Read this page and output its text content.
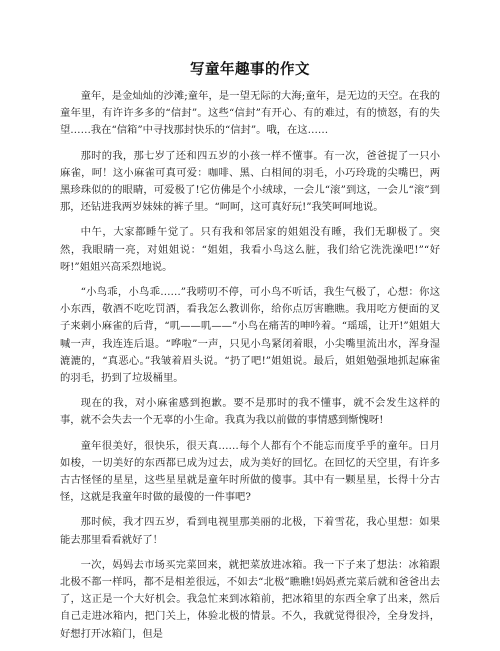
写童年趣事的作文

童年，是金灿灿的沙滩;童年，是一望无际的大海;童年，是无边的天空。在我的童年里，有许许多多的“信封”。这些“信封”有开心、有的难过，有的愤怒，有的失望……我在“信箱”中寻找那封快乐的“信封”。哦，在这……

那时的我，那七岁了还和四五岁的小孩一样不懂事。有一次，爸爸捉了一只小麻雀，呵！这小麻雀可真可爱：咖啡、黑、白相间的羽毛，小巧玲珑的尖嘴巴，两黑珍珠似的的眼睛，可爱极了!它仿佛是个小绒球，一会儿“滚”到这，一会儿“滚”到那，还钻进我两岁妹妹的裤子里。“呵呵，这可真好玩!”我笑呵呵地说。

中午，大家都睡午觉了。只有我和邻居家的姐姐没有睡，我们无聊极了。突然，我眼睛一亮，对姐姐说：“姐姐，我看小鸟这么脏，我们给它洗洗澡吧!”“好呀!”姐姐兴高采烈地说。

“小鸟乖，小鸟乖……”我唠叨不停，可小鸟不听话，我生气极了，心想：你这小东西，敬酒不吃吃罚酒，看我怎么教训你，给你点厉害瞧瞧。我用吃方便面的叉子来刺小麻雀的后背，“叽——叽——”小鸟在痛苦的呻吟着。“瑶瑶，让开!”姐姐大喊一声，我连连后退。“哗啦”一声，只见小鸟紧闭着眼，小尖嘴里流出水，浑身湿漉漉的，“真恶心。”我皱着眉头说。“扔了吧!”姐姐说。最后，姐姐勉强地抓起麻雀的羽毛，扔到了垃圾桶里。

现在的我，对小麻雀感到抱歉。要不是那时的我不懂事，就不会发生这样的事，就不会失去一个无辜的小生命。我真为我以前做的事情感到惭愧呀!

童年很美好，很快乐，很天真……每个人都有个不能忘而度乎乎的童年。日月如梭，一切美好的东西都已成为过去，成为美好的回忆。在回忆的天空里，有许多古古怪怪的星星，这些星星就是童年时所做的傻事。其中有一颗星星，长得十分古怪，这就是我童年时做的最傻的一件事吧?

那时候，我才四五岁，看到电视里那美丽的北极，下着雪花，我心里想：如果能去那里看看就好了！

一次，妈妈去市场买完菜回来，就把菜放进冰箱。我一下子来了想法：冰箱跟北极不都一样吗，都不是相差很远，不如去“北极”瞧瞧!妈妈煮完菜后就和爸爸出去了，这正是一个大好机会。我急忙来到冰箱前，把冰箱里的东西全拿了出来，然后自己走进冰箱内，把门关上，体验北极的情景。不久，我就觉得很冷，全身发抖，好想打开冰箱门，但是
